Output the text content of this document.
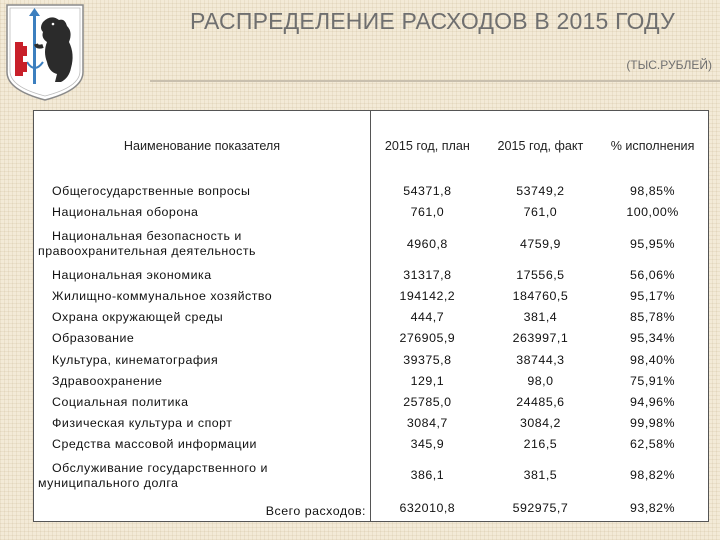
РАСПРЕДЕЛЕНИЕ РАСХОДОВ В 2015 ГОДУ
(ТЫС.РУБЛЕЙ)
Наименование показателя	2015 год, план	2015 год, факт	% исполнения
Общегосударственные вопросы	54371,8	53749,2	98,85%
Национальная оборона	761,0	761,0	100,00%
Национальная безопасность и правоохранительная деятельность	4960,8	4759,9	95,95%
Национальная экономика	31317,8	17556,5	56,06%
Жилищно-коммунальное хозяйство	194142,2	184760,5	95,17%
Охрана окружающей среды	444,7	381,4	85,78%
Образование	276905,9	263997,1	95,34%
Культура, кинематография	39375,8	38744,3	98,40%
Здравоохранение	129,1	98,0	75,91%
Социальная политика	25785,0	24485,6	94,96%
Физическая культура и спорт	3084,7	3084,2	99,98%
Средства массовой информации	345,9	216,5	62,58%
Обслуживание государственного и муниципального долга	386,1	381,5	98,82%
Всего расходов:	632010,8	592975,7	93,82%
